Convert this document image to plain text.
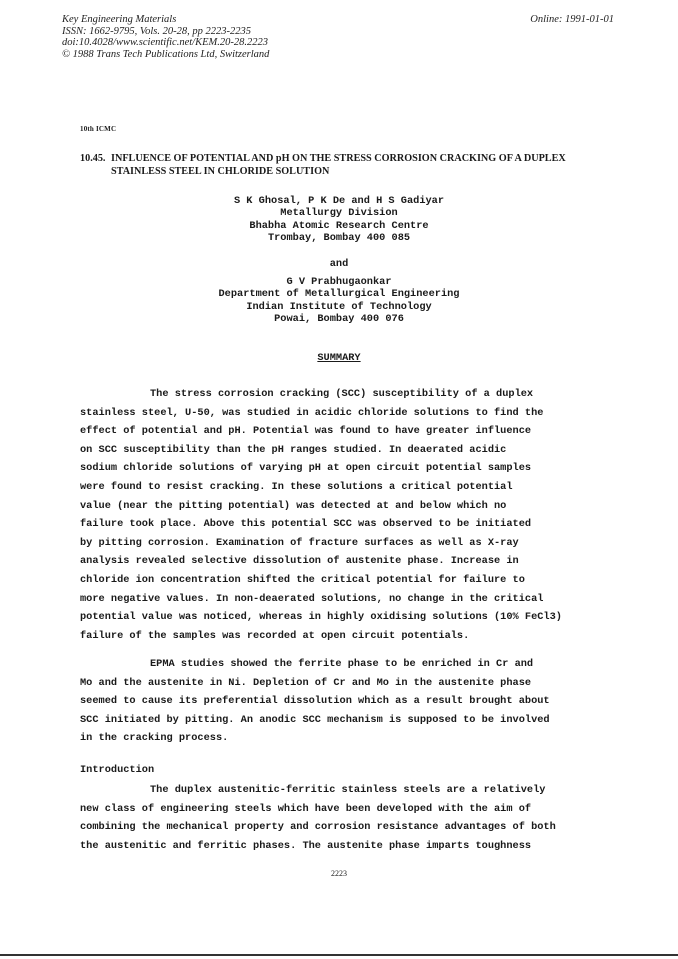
Key Engineering Materials
ISSN: 1662-9795, Vols. 20-28, pp 2223-2235
doi:10.4028/www.scientific.net/KEM.20-28.2223
© 1988 Trans Tech Publications Ltd, Switzerland
Online: 1991-01-01
10th ICMC
10.45. INFLUENCE OF POTENTIAL AND pH ON THE STRESS CORROSION CRACKING OF A DUPLEX
STAINLESS STEEL IN CHLORIDE SOLUTION
S K Ghosal, P K De and H S Gadiyar
Metallurgy Division
Bhabha Atomic Research Centre
Trombay, Bombay 400 085
and
G V Prabhugaonkar
Department of Metallurgical Engineering
Indian Institute of Technology
Powai, Bombay 400 076
SUMMARY
The stress corrosion cracking (SCC) susceptibility of a duplex
stainless steel, U-50, was studied in acidic chloride solutions to find the
effect of potential and pH. Potential was found to have greater influence
on SCC susceptibility than the pH ranges studied. In deaerated acidic
sodium chloride solutions of varying pH at open circuit potential samples
were found to resist cracking. In these solutions a critical potential
value (near the pitting potential) was detected at and below which no
failure took place. Above this potential SCC was observed to be initiated
by pitting corrosion. Examination of fracture surfaces as well as X-ray
analysis revealed selective dissolution of austenite phase. Increase in
chloride ion concentration shifted the critical potential for failure to
more negative values. In non-deaerated solutions, no change in the critical
potential value was noticed, whereas in highly oxidising solutions (10% FeCl3)
failure of the samples was recorded at open circuit potentials.
EPMA studies showed the ferrite phase to be enriched in Cr and
Mo and the austenite in Ni. Depletion of Cr and Mo in the austenite phase
seemed to cause its preferential dissolution which as a result brought about
SCC initiated by pitting. An anodic SCC mechanism is supposed to be involved
in the cracking process.
Introduction
The duplex austenitic-ferritic stainless steels are a relatively
new class of engineering steels which have been developed with the aim of
combining the mechanical property and corrosion resistance advantages of both
the austenitic and ferritic phases. The austenite phase imparts toughness
2223
